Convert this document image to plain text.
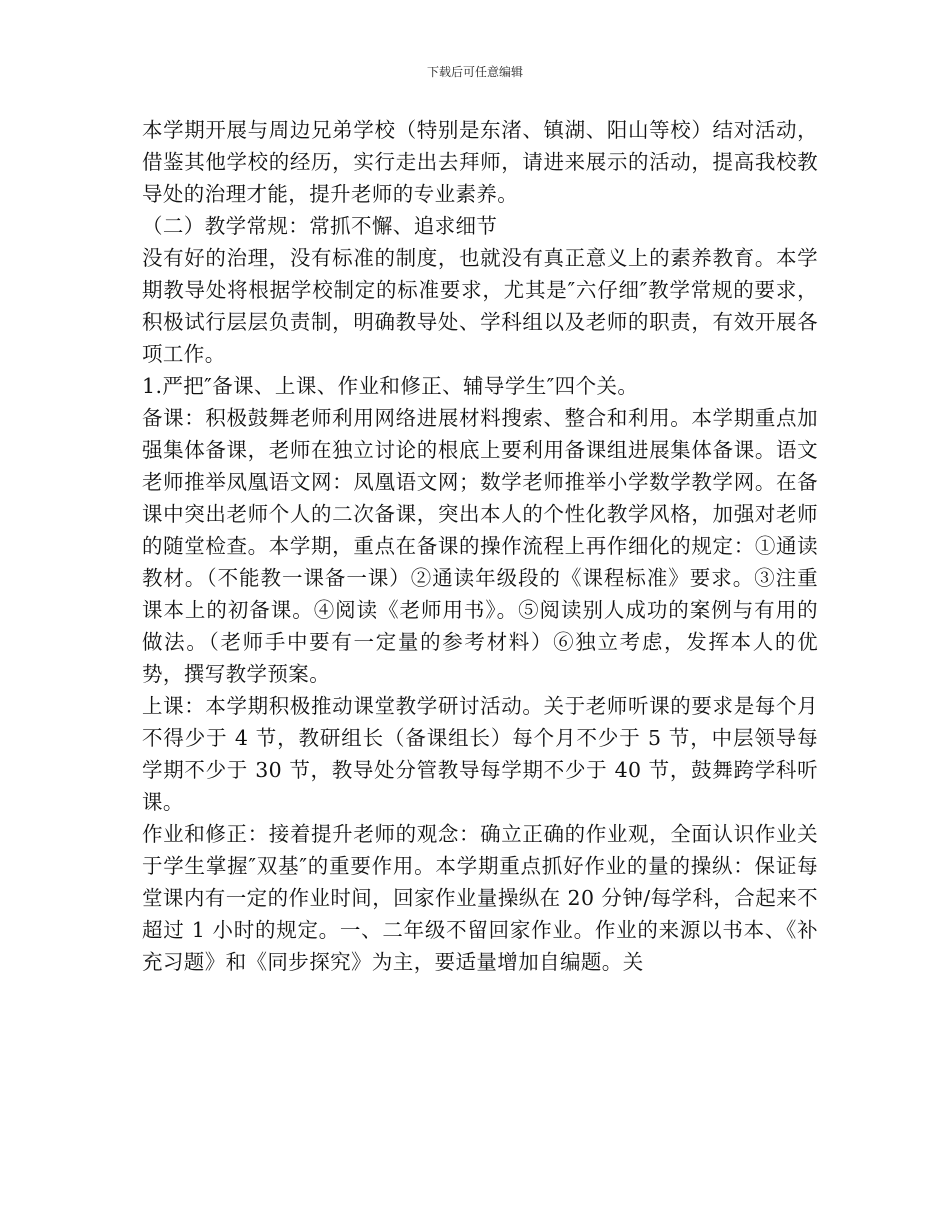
下载后可任意编辑

本学期开展与周边兄弟学校（特别是东渚、镇湖、阳山等校）结对活动，借鉴其他学校的经历，实行走出去拜师，请进来展示的活动，提高我校教导处的治理才能，提升老师的专业素养。

（二）教学常规：常抓不懈、追求细节

没有好的治理，没有标准的制度，也就没有真正意义上的素养教育。本学期教导处将根据学校制定的标准要求，尤其是″六仔细″教学常规的要求，积极试行层层负责制，明确教导处、学科组以及老师的职责，有效开展各项工作。

1.严把″备课、上课、作业和修正、辅导学生″四个关。

备课：积极鼓舞老师利用网络进展材料搜索、整合和利用。本学期重点加强集体备课，老师在独立讨论的根底上要利用备课组进展集体备课。语文老师推举凤凰语文网：凤凰语文网；数学老师推举小学数学教学网。在备课中突出老师个人的二次备课，突出本人的个性化教学风格，加强对老师的随堂检查。本学期，重点在备课的操作流程上再作细化的规定：①通读教材。（不能教一课备一课）②通读年级段的《课程标准》要求。③注重课本上的初备课。④阅读《老师用书》。⑤阅读别人成功的案例与有用的做法。（老师手中要有一定量的参考材料）⑥独立考虑，发挥本人的优势，撰写教学预案。

上课：本学期积极推动课堂教学研讨活动。关于老师听课的要求是每个月不得少于 4 节，教研组长（备课组长）每个月不少于 5 节，中层领导每学期不少于 30 节，教导处分管教导每学期不少于 40 节，鼓舞跨学科听课。

作业和修正：接着提升老师的观念：确立正确的作业观，全面认识作业关于学生掌握″双基″的重要作用。本学期重点抓好作业的量的操纵：保证每堂课内有一定的作业时间，回家作业量操纵在 20 分钟/每学科，合起来不超过 1 小时的规定。一、二年级不留回家作业。作业的来源以书本、《补充习题》和《同步探究》为主，要适量增加自编题。关
